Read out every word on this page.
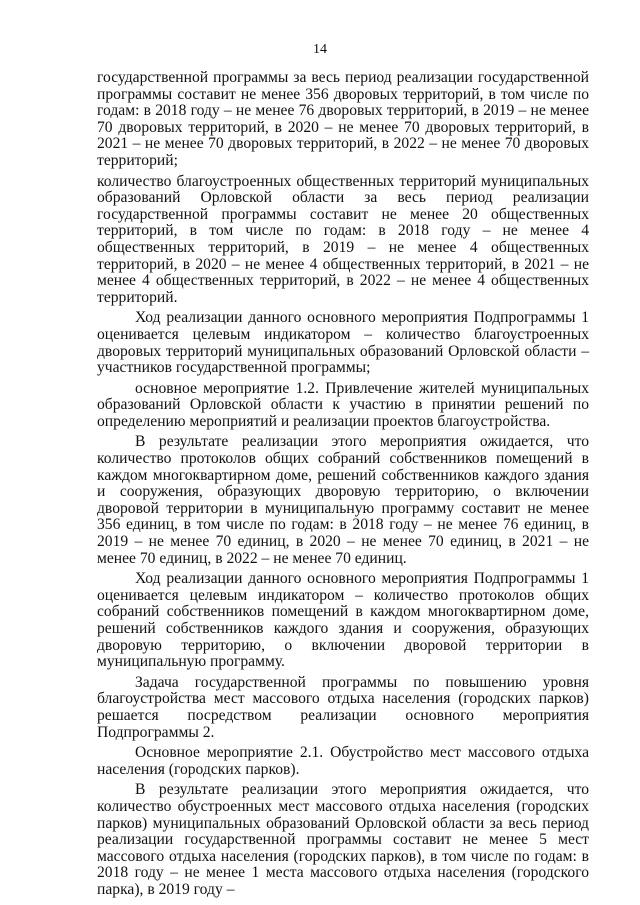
14

государственной программы за весь период реализации государственной программы составит не менее 356 дворовых территорий, в том числе по годам: в 2018 году – не менее 76 дворовых территорий, в 2019 – не менее 70 дворовых территорий, в 2020 – не менее 70 дворовых территорий, в 2021 – не менее 70 дворовых территорий, в 2022 – не менее 70 дворовых территорий;

количество благоустроенных общественных территорий муниципальных образований Орловской области за весь период реализации государственной программы составит не менее 20 общественных территорий, в том числе по годам: в 2018 году – не менее 4 общественных территорий, в 2019 – не менее 4 общественных территорий, в 2020 – не менее 4 общественных территорий, в 2021 – не менее 4 общественных территорий, в 2022 – не менее 4 общественных территорий.

Ход реализации данного основного мероприятия Подпрограммы 1 оценивается целевым индикатором – количество благоустроенных дворовых территорий муниципальных образований Орловской области – участников государственной программы;

основное мероприятие 1.2. Привлечение жителей муниципальных образований Орловской области к участию в принятии решений по определению мероприятий и реализации проектов благоустройства.

В результате реализации этого мероприятия ожидается, что количество протоколов общих собраний собственников помещений в каждом многоквартирном доме, решений собственников каждого здания и сооружения, образующих дворовую территорию, о включении дворовой территории в муниципальную программу составит не менее 356 единиц, в том числе по годам: в 2018 году – не менее 76 единиц, в 2019 – не менее 70 единиц, в 2020 – не менее 70 единиц, в 2021 – не менее 70 единиц, в 2022 – не менее 70 единиц.

Ход реализации данного основного мероприятия Подпрограммы 1 оценивается целевым индикатором – количество протоколов общих собраний собственников помещений в каждом многоквартирном доме, решений собственников каждого здания и сооружения, образующих дворовую территорию, о включении дворовой территории в муниципальную программу.

Задача государственной программы по повышению уровня благоустройства мест массового отдыха населения (городских парков) решается посредством реализации основного мероприятия Подпрограммы 2.

Основное мероприятие 2.1. Обустройство мест массового отдыха населения (городских парков).

В результате реализации этого мероприятия ожидается, что количество обустроенных мест массового отдыха населения (городских парков) муниципальных образований Орловской области за весь период реализации государственной программы составит не менее 5 мест массового отдыха населения (городских парков), в том числе по годам: в 2018 году – не менее 1 места массового отдыха населения (городского парка), в 2019 году –
